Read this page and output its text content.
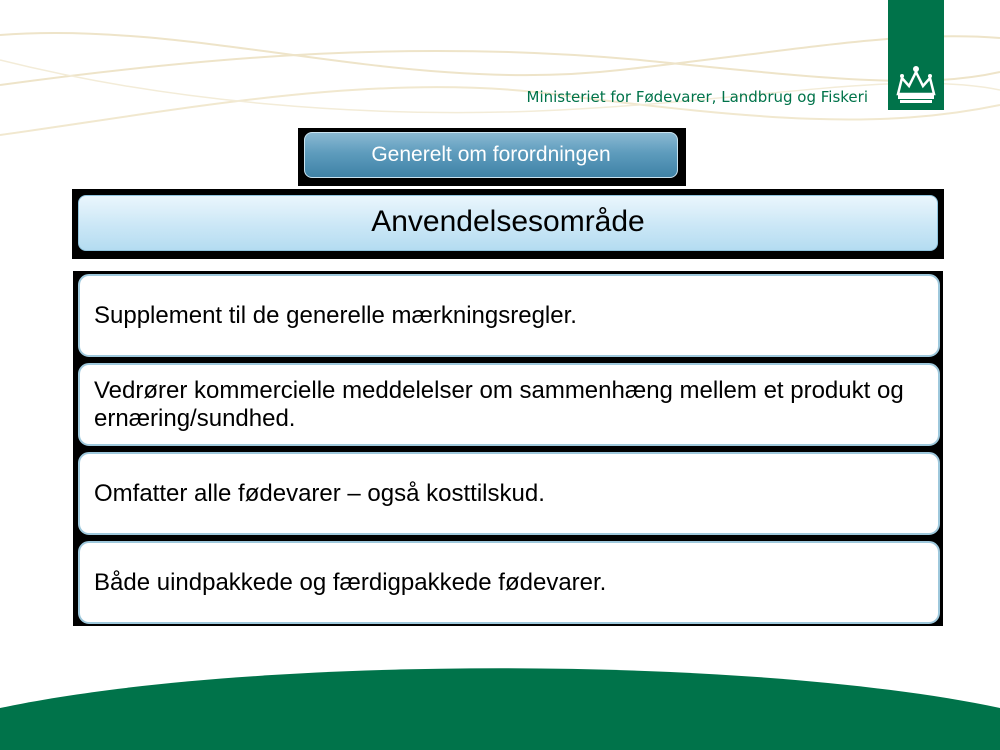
Ministeriet for Fødevarer, Landbrug og Fiskeri
Generelt om forordningen
Anvendelsesområde
Supplement til de generelle mærkningsregler.
Vedrører kommercielle meddelelser om sammenhæng mellem et produkt og ernæring/sundhed.
Omfatter alle fødevarer – også kosttilskud.
Både uindpakkede og færdigpakkede fødevarer.
